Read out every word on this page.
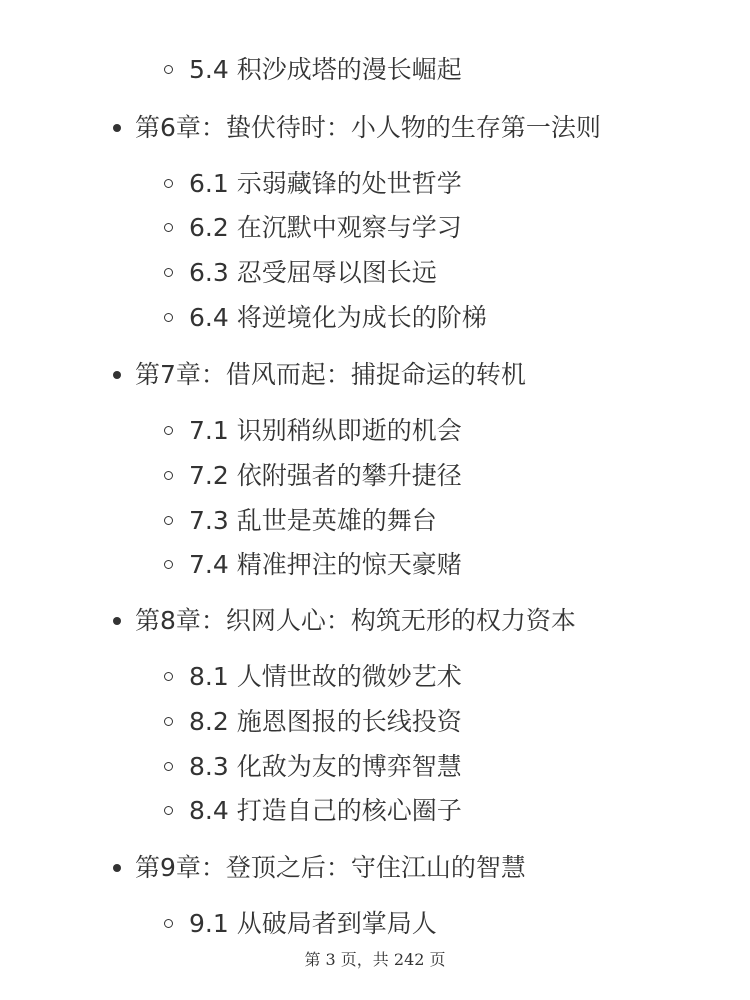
5.4 积沙成塔的漫长崛起
第6章：蛰伏待时：小人物的生存第一法则
6.1 示弱藏锋的处世哲学
6.2 在沉默中观察与学习
6.3 忍受屈辱以图长远
6.4 将逆境化为成长的阶梯
第7章：借风而起：捕捉命运的转机
7.1 识别稍纵即逝的机会
7.2 依附强者的攀升捷径
7.3 乱世是英雄的舞台
7.4 精准押注的惊天豪赌
第8章：织网人心：构筑无形的权力资本
8.1 人情世故的微妙艺术
8.2 施恩图报的长线投资
8.3 化敌为友的博弈智慧
8.4 打造自己的核心圈子
第9章：登顶之后：守住江山的智慧
9.1 从破局者到掌局人
第 3 页，共 242 页
